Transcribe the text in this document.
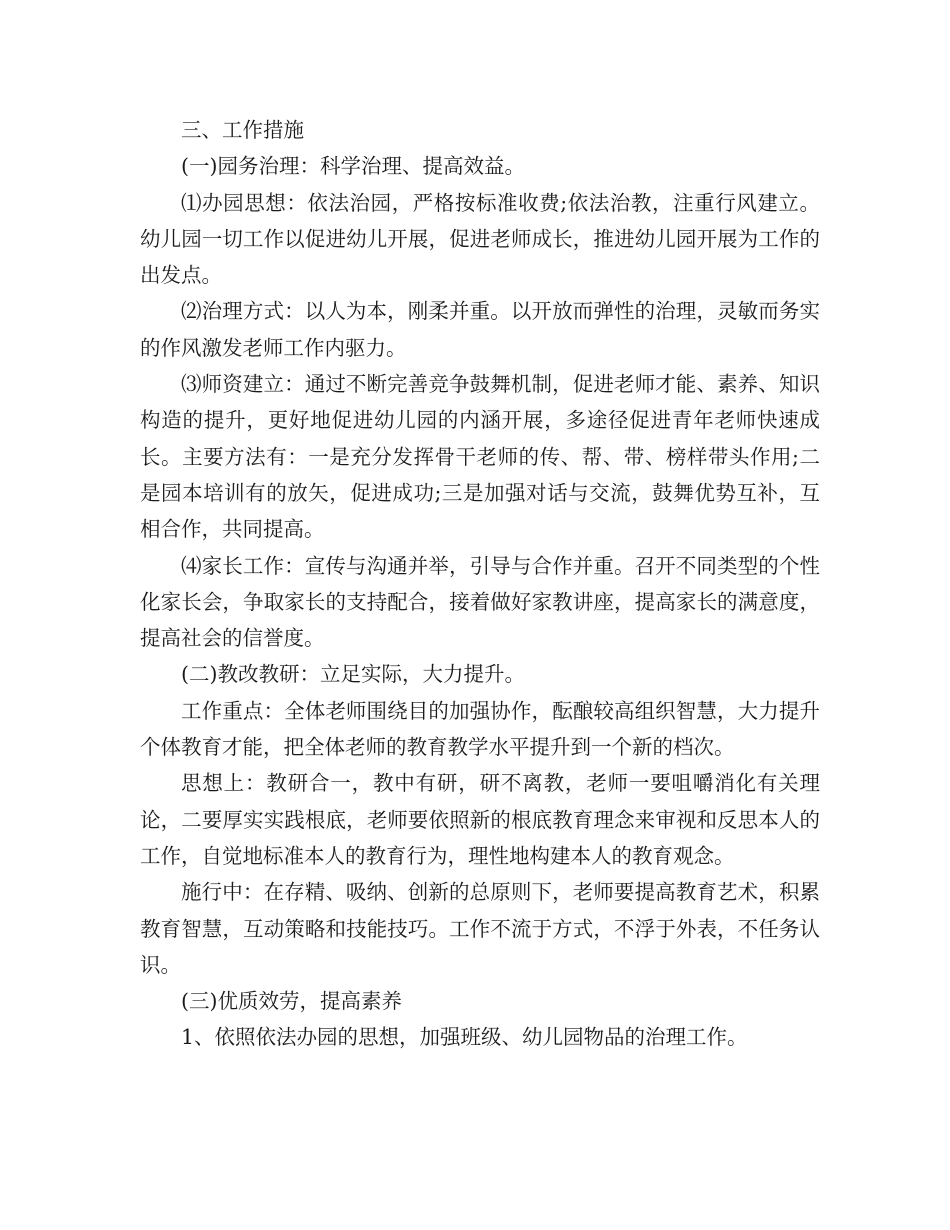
三、工作措施

(一)园务治理：科学治理、提高效益。

⑴办园思想：依法治园，严格按标准收费;依法治教，注重行风建立。幼儿园一切工作以促进幼儿开展，促进老师成长，推进幼儿园开展为工作的出发点。

⑵治理方式：以人为本，刚柔并重。以开放而弹性的治理，灵敏而务实的作风激发老师工作内驱力。

⑶师资建立：通过不断完善竞争鼓舞机制，促进老师才能、素养、知识构造的提升，更好地促进幼儿园的内涵开展，多途径促进青年老师快速成长。主要方法有：一是充分发挥骨干老师的传、帮、带、榜样带头作用;二是园本培训有的放矢，促进成功;三是加强对话与交流，鼓舞优势互补，互相合作，共同提高。

⑷家长工作：宣传与沟通并举，引导与合作并重。召开不同类型的个性化家长会，争取家长的支持配合，接着做好家教讲座，提高家长的满意度，提高社会的信誉度。

(二)教改教研：立足实际，大力提升。

工作重点：全体老师围绕目的加强协作，酝酿较高组织智慧，大力提升个体教育才能，把全体老师的教育教学水平提升到一个新的档次。

思想上：教研合一，教中有研，研不离教，老师一要咀嚼消化有关理论，二要厚实实践根底，老师要依照新的根底教育理念来审视和反思本人的工作，自觉地标准本人的教育行为，理性地构建本人的教育观念。

施行中：在存精、吸纳、创新的总原则下，老师要提高教育艺术，积累教育智慧，互动策略和技能技巧。工作不流于方式，不浮于外表，不任务认识。

(三)优质效劳，提高素养

1、依照依法办园的思想，加强班级、幼儿园物品的治理工作。
